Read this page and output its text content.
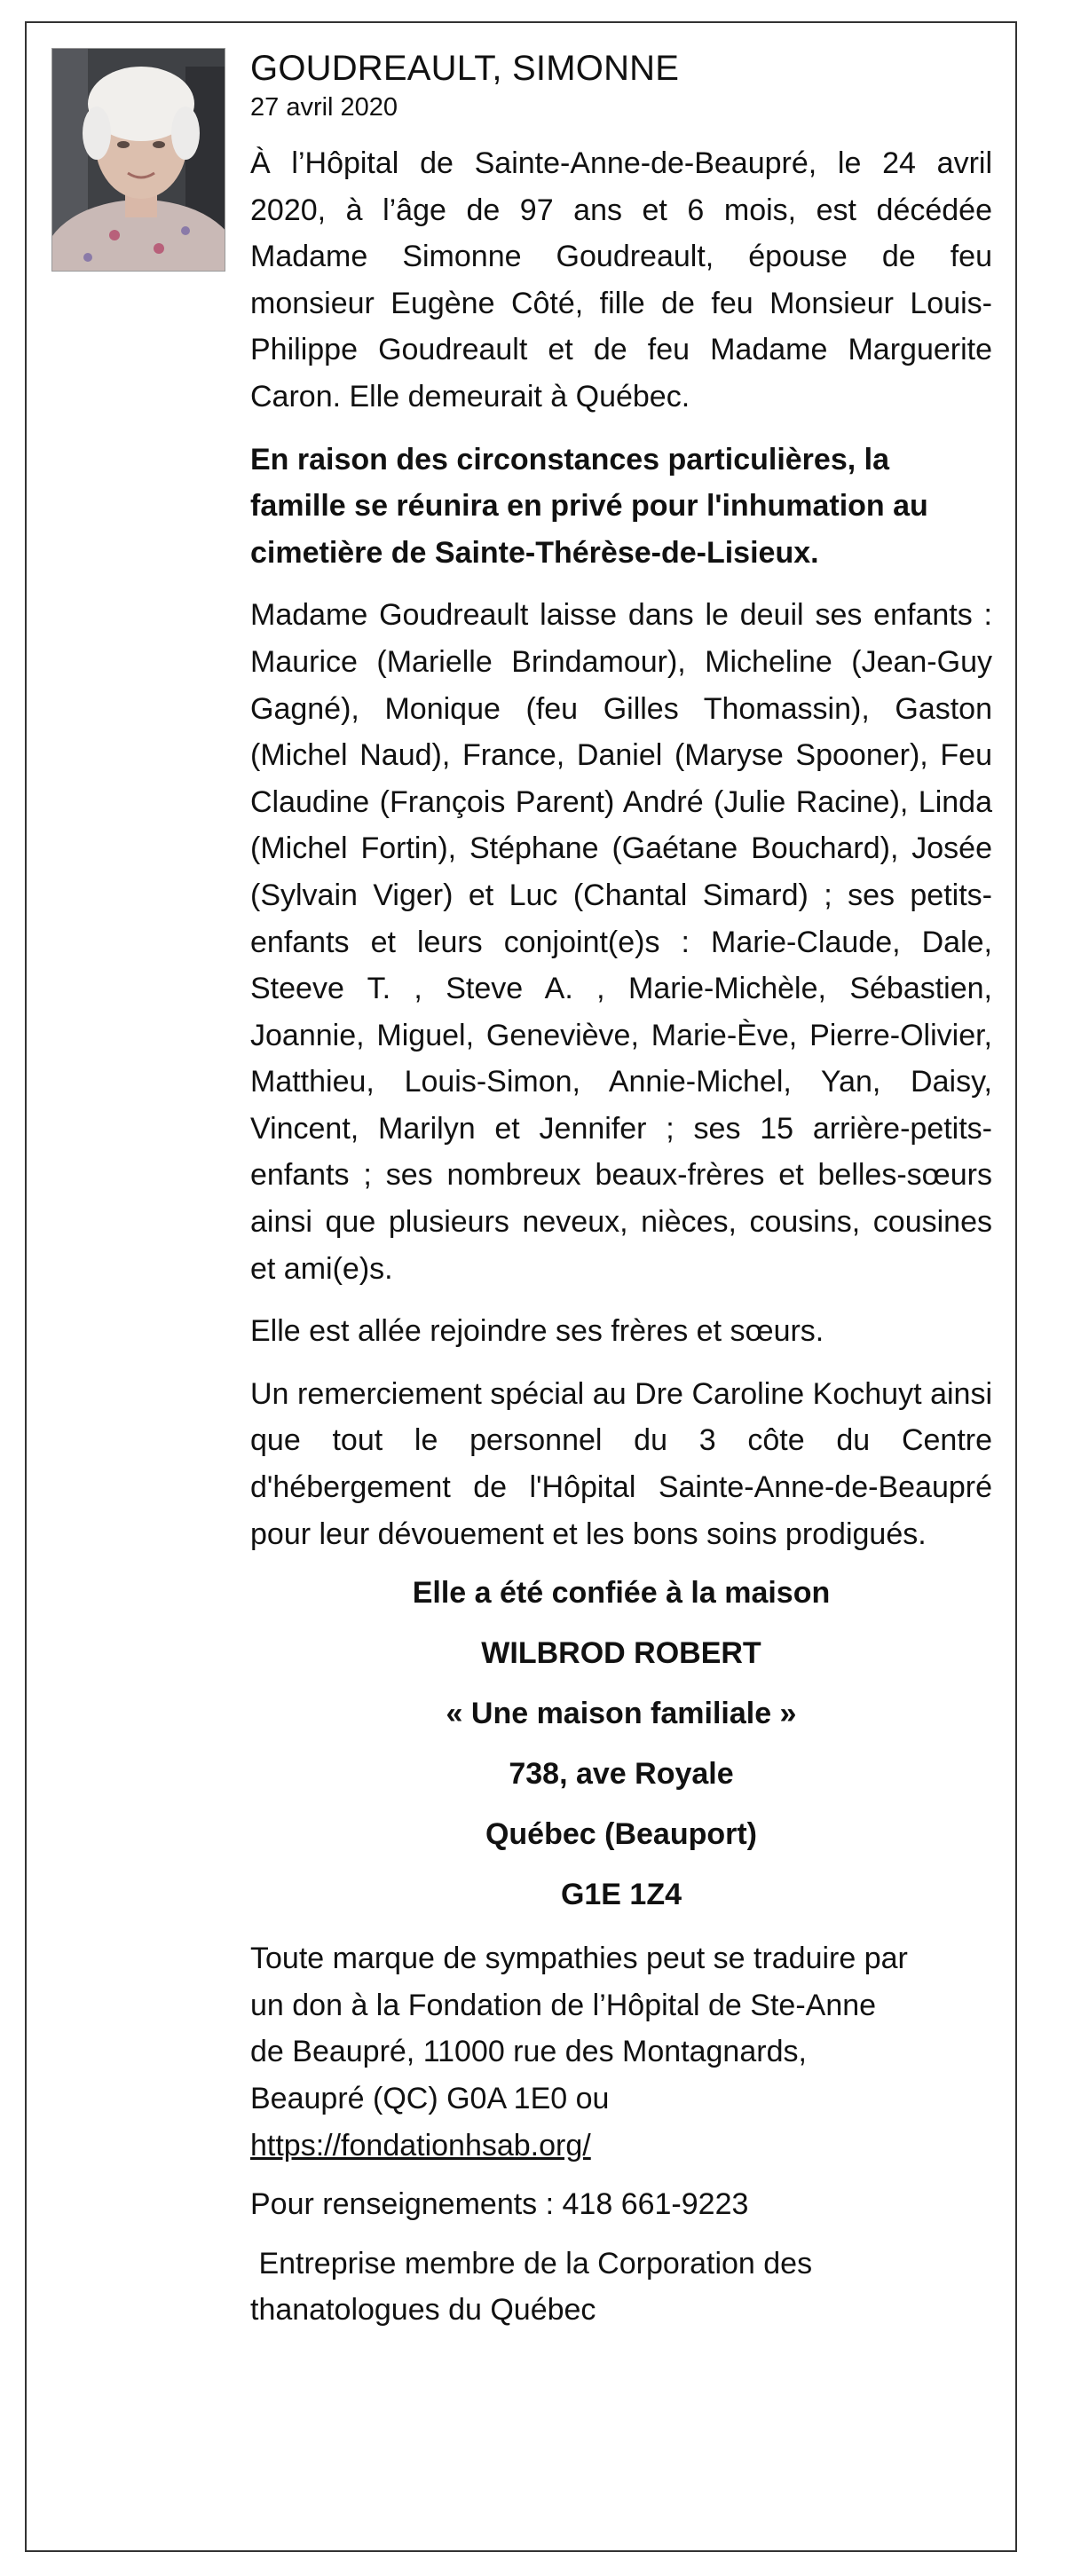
GOUDREAULT, SIMONNE
27 avril 2020

À l’Hôpital de Sainte-Anne-de-Beaupré, le 24 avril 2020, à l’âge de 97 ans et 6 mois, est décédée Madame Simonne Goudreault, épouse de feu monsieur Eugène Côté, fille de feu Monsieur Louis-Philippe Goudreault et de feu Madame Marguerite Caron. Elle demeurait à Québec.

En raison des circonstances particulières, la famille se réunira en privé pour l'inhumation au cimetière de Sainte-Thérèse-de-Lisieux.

Madame Goudreault laisse dans le deuil ses enfants : Maurice (Marielle Brindamour), Micheline (Jean-Guy Gagné), Monique (feu Gilles Thomassin), Gaston (Michel Naud), France, Daniel (Maryse Spooner), Feu Claudine (François Parent) André (Julie Racine), Linda (Michel Fortin), Stéphane (Gaétane Bouchard), Josée (Sylvain Viger) et Luc (Chantal Simard) ; ses petits-enfants et leurs conjoint(e)s : Marie-Claude, Dale, Steeve T. , Steve A. , Marie-Michèle, Sébastien, Joannie, Miguel, Geneviève, Marie-Ève, Pierre-Olivier, Matthieu, Louis-Simon, Annie-Michel, Yan, Daisy, Vincent, Marilyn et Jennifer ; ses 15 arrière-petits-enfants ; ses nombreux beaux-frères et belles-sœurs ainsi que plusieurs neveux, nièces, cousins, cousines et ami(e)s.

Elle est allée rejoindre ses frères et sœurs.

Un remerciement spécial au Dre Caroline Kochuyt ainsi que tout le personnel du 3 côte du Centre d'hébergement de l'Hôpital Sainte-Anne-de-Beaupré pour leur dévouement et les bons soins prodigués.

Elle a été confiée à la maison
WILBROD ROBERT
« Une maison familiale »
738, ave Royale
Québec (Beauport)
G1E 1Z4

Toute marque de sympathies peut se traduire par
un don à la Fondation de l’Hôpital de Ste-Anne
de Beaupré, 11000 rue des Montagnards,
Beaupré (QC) G0A 1E0 ou
https://fondationhsab.org/

Pour renseignements : 418 661-9223

Entreprise membre de la Corporation des
thanatologues du Québec
